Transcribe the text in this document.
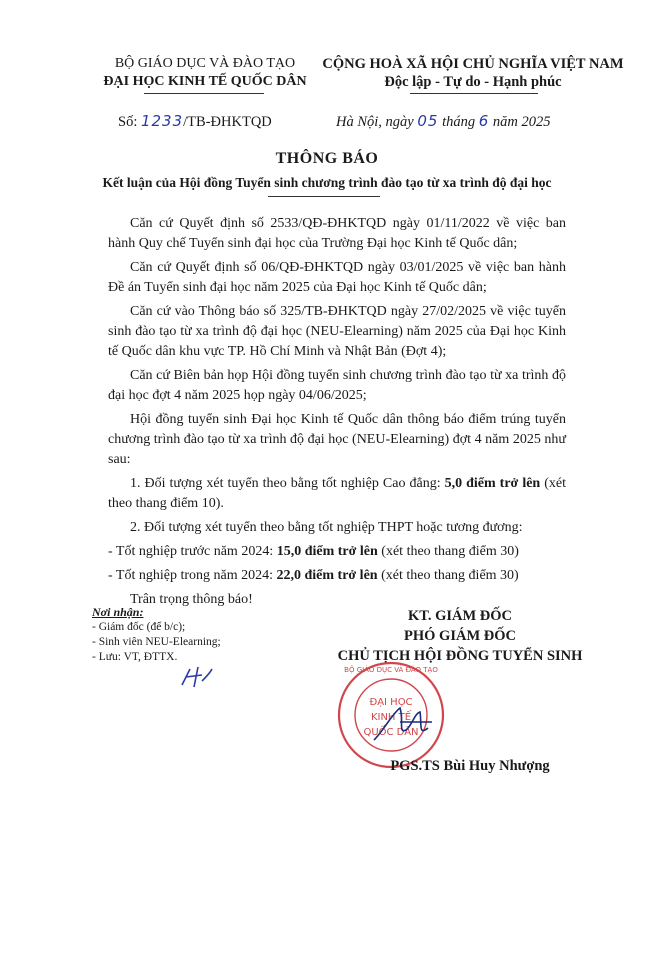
BỘ GIÁO DỤC VÀ ĐÀO TẠO
ĐẠI HỌC KINH TẾ QUỐC DÂN
CỘNG HOÀ XÃ HỘI CHỦ NGHĨA VIỆT NAM
Độc lập - Tự do - Hạnh phúc
Số: 1233/TB-ĐHKTQD	Hà Nội, ngày 05 tháng 6 năm 2025
THÔNG BÁO
Kết luận của Hội đồng Tuyển sinh chương trình đào tạo từ xa trình độ đại học

Căn cứ Quyết định số 2533/QĐ-ĐHKTQD ngày 01/11/2022 về việc ban hành Quy chế Tuyển sinh đại học của Trường Đại học Kinh tế Quốc dân;

Căn cứ Quyết định số 06/QĐ-ĐHKTQD ngày 03/01/2025 về việc ban hành Đề án Tuyển sinh đại học năm 2025 của Đại học Kinh tế Quốc dân;

Căn cứ vào Thông báo số 325/TB-ĐHKTQD ngày 27/02/2025 về việc tuyển sinh đào tạo từ xa trình độ đại học (NEU-Elearning) năm 2025 của Đại học Kinh tế Quốc dân khu vực TP. Hồ Chí Minh và Nhật Bản (Đợt 4);

Căn cứ Biên bản họp Hội đồng tuyển sinh chương trình đào tạo từ xa trình độ đại học đợt 4 năm 2025 họp ngày 04/06/2025;

Hội đồng tuyển sinh Đại học Kinh tế Quốc dân thông báo điểm trúng tuyển chương trình đào tạo từ xa trình độ đại học (NEU-Elearning) đợt 4 năm 2025 như sau:

1. Đối tượng xét tuyển theo bằng tốt nghiệp Cao đẳng: 5,0 điểm trở lên (xét theo thang điểm 10).

2. Đối tượng xét tuyển theo bằng tốt nghiệp THPT hoặc tương đương:

- Tốt nghiệp trước năm 2024: 15,0 điểm trở lên (xét theo thang điểm 30)

- Tốt nghiệp trong năm 2024: 22,0 điểm trở lên (xét theo thang điểm 30)

Trân trọng thông báo!

Nơi nhận:
- Giám đốc (để b/c);
- Sinh viên NEU-Elearning;
- Lưu: VT, ĐTTX.
KT. GIÁM ĐỐC
PHÓ GIÁM ĐỐC
CHỦ TỊCH HỘI ĐỒNG TUYỂN SINH
BỘ GIÁO DỤC VÀ ĐÀO TẠO
ĐẠI HỌC
KINH TẾ
QUỐC DÂN
PGS.TS Bùi Huy Nhượng
